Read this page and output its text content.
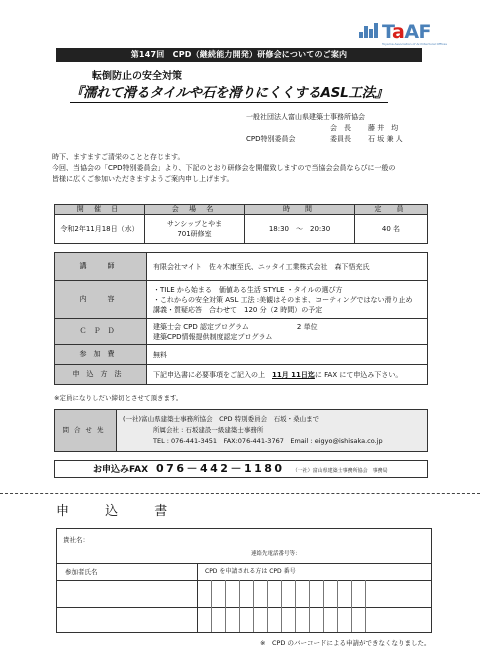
TaAF
Toyama Association of Architectural Offices
第147回　CPD（継続能力開発）研修会についてのご案内
転倒防止の安全対策
『濡れて滑るタイルや石を滑りにくくするASL工法』
一般社団法人富山県建築士事務所協会
会　長 藤 井　均
CPD特別委員会	委員長 石 坂 兼 人

時下、ますますご清栄のことと存じます。

今回、当協会の「CPD特別委員会」より、下記のとおり研修会を開催致しますので当協会会員ならびに一般の

皆様に広くご参加いただきますようご案内申し上げます。

開 催 日	会 場 名	時　間	定　員
令和2年11月18日（水）	サンシップとやま
701研修室	18:30　〜　20:30	40 名
講　師	有限会社マイト　佐々木康至氏、ニッタイ工業株式会社　森下悟充氏
内　容	・TILE から始まる　価値ある生活 STYLE ・タイルの選び方
・これからの安全対策 ASL 工法 :美観はそのまま、コーティングではない滑り止め
講義・質疑応答　合わせて　120 分（2 時間）の予定

ＣＰＤ	建築士会 CPD 認定プログラム 2 単位
建築CPD情報提供制度認定プログラム

参加費	無料
申込方法	下記申込書に必要事項をご記入の上　11月 11日迄に FAX にて申込み下さい。
※定員になりしだい締切とさせて頂きます。
問合せ先	
(一社)富山県建築士事務所協会　CPD 特別委員会　石坂・桑山まで
所属会社 : 石坂建設一級建築士事務所
TEL : 076-441-3451　FAX:076-441-3767　Email : eigyo@ishisaka.co.jp
お申込みFAX 076－442－1180 （一社）富山県建築士事務所協会　事務局
申 込 書
貴社名：
連絡先電話番号等：
参加者氏名	CPD を申請される方は CPD 番号
※　CPD のバーコードによる申請ができなくなりました。
